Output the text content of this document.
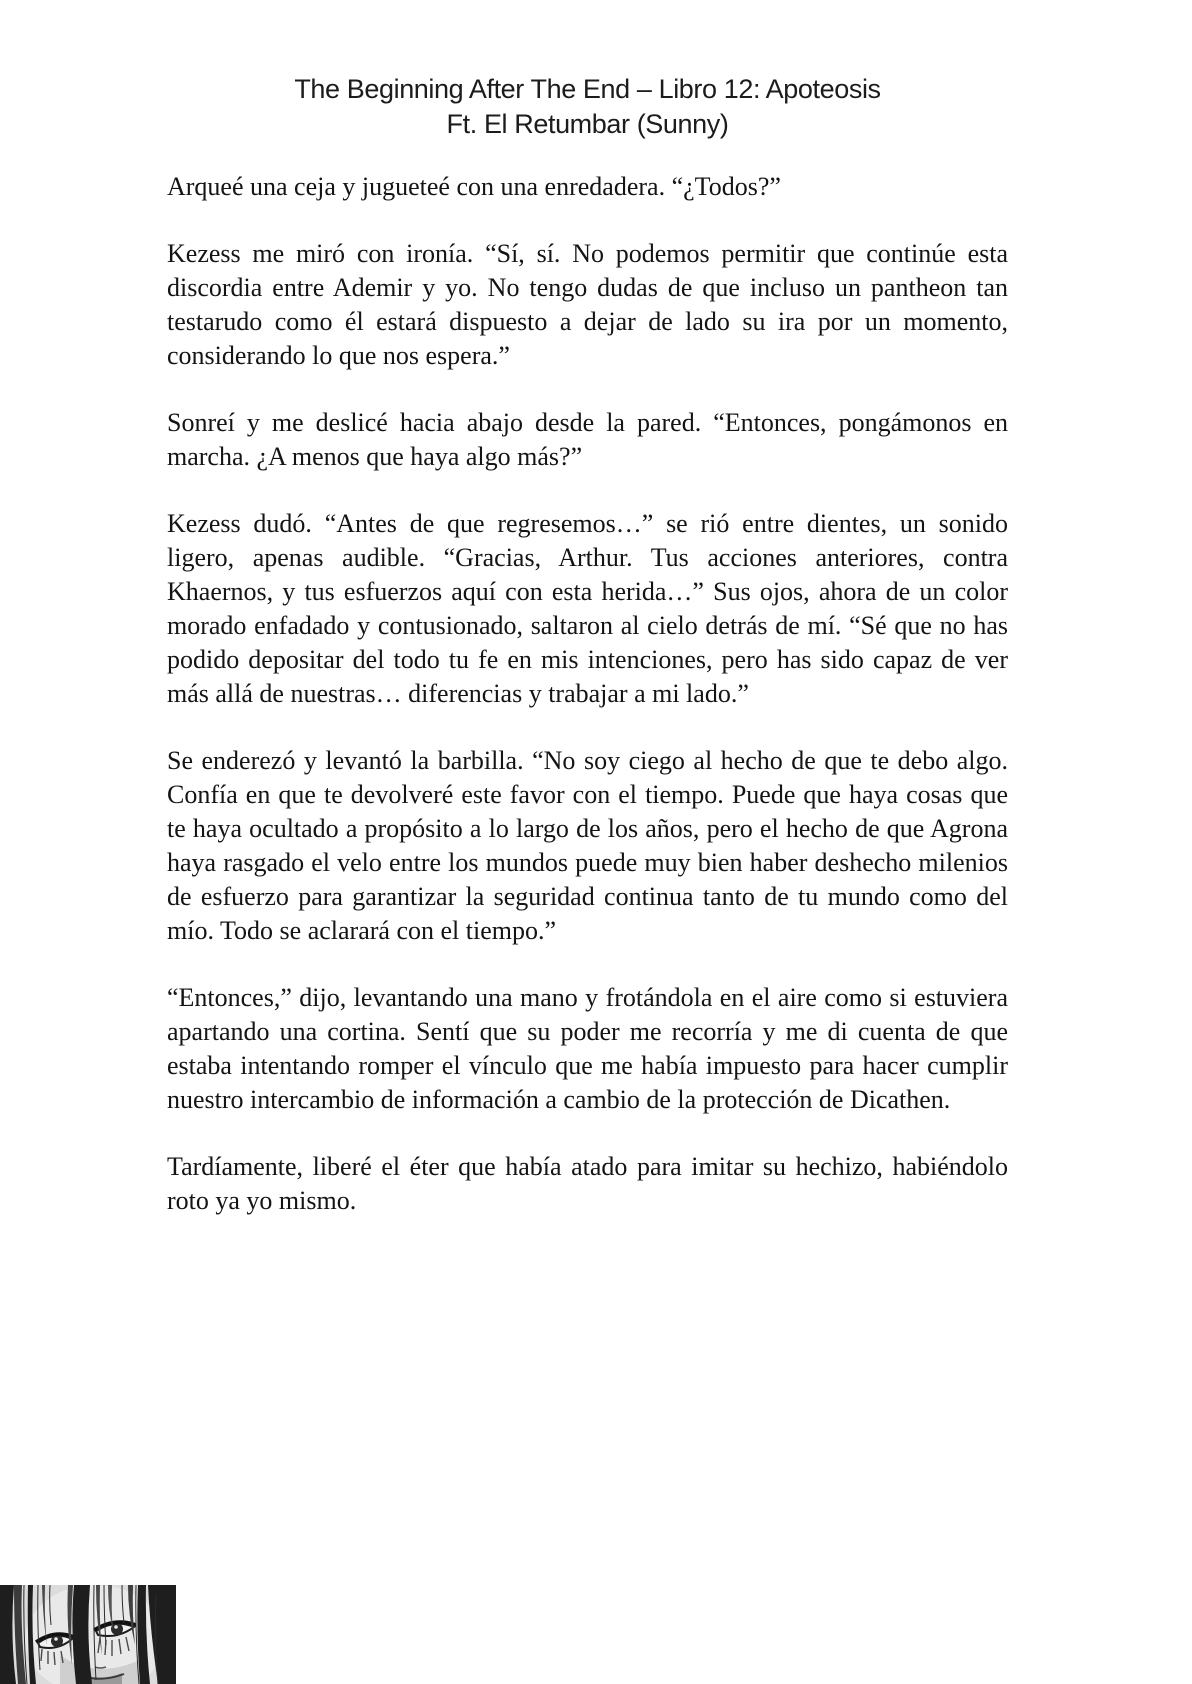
The Beginning After The End – Libro 12: Apoteosis
Ft. El Retumbar (Sunny)

Arqueé una ceja y jugueteé con una enredadera. “¿Todos?”

Kezess me miró con ironía. “Sí, sí. No podemos permitir que continúe esta discordia entre Ademir y yo. No tengo dudas de que incluso un pantheon tan testarudo como él estará dispuesto a dejar de lado su ira por un momento, considerando lo que nos espera.”

Sonreí y me deslicé hacia abajo desde la pared. “Entonces, pongámonos en marcha. ¿A menos que haya algo más?”

Kezess dudó. “Antes de que regresemos…” se rió entre dientes, un sonido ligero, apenas audible. “Gracias, Arthur. Tus acciones anteriores, contra Khaernos, y tus esfuerzos aquí con esta herida…” Sus ojos, ahora de un color morado enfadado y contusionado, saltaron al cielo detrás de mí. “Sé que no has podido depositar del todo tu fe en mis intenciones, pero has sido capaz de ver más allá de nuestras… diferencias y trabajar a mi lado.”

Se enderezó y levantó la barbilla. “No soy ciego al hecho de que te debo algo. Confía en que te devolveré este favor con el tiempo. Puede que haya cosas que te haya ocultado a propósito a lo largo de los años, pero el hecho de que Agrona haya rasgado el velo entre los mundos puede muy bien haber deshecho milenios de esfuerzo para garantizar la seguridad continua tanto de tu mundo como del mío. Todo se aclarará con el tiempo.”

“Entonces,” dijo, levantando una mano y frotándola en el aire como si estuviera apartando una cortina. Sentí que su poder me recorría y me di cuenta de que estaba intentando romper el vínculo que me había impuesto para hacer cumplir nuestro intercambio de información a cambio de la protección de Dicathen.

Tardíamente, liberé el éter que había atado para imitar su hechizo, habiéndolo roto ya yo mismo.
